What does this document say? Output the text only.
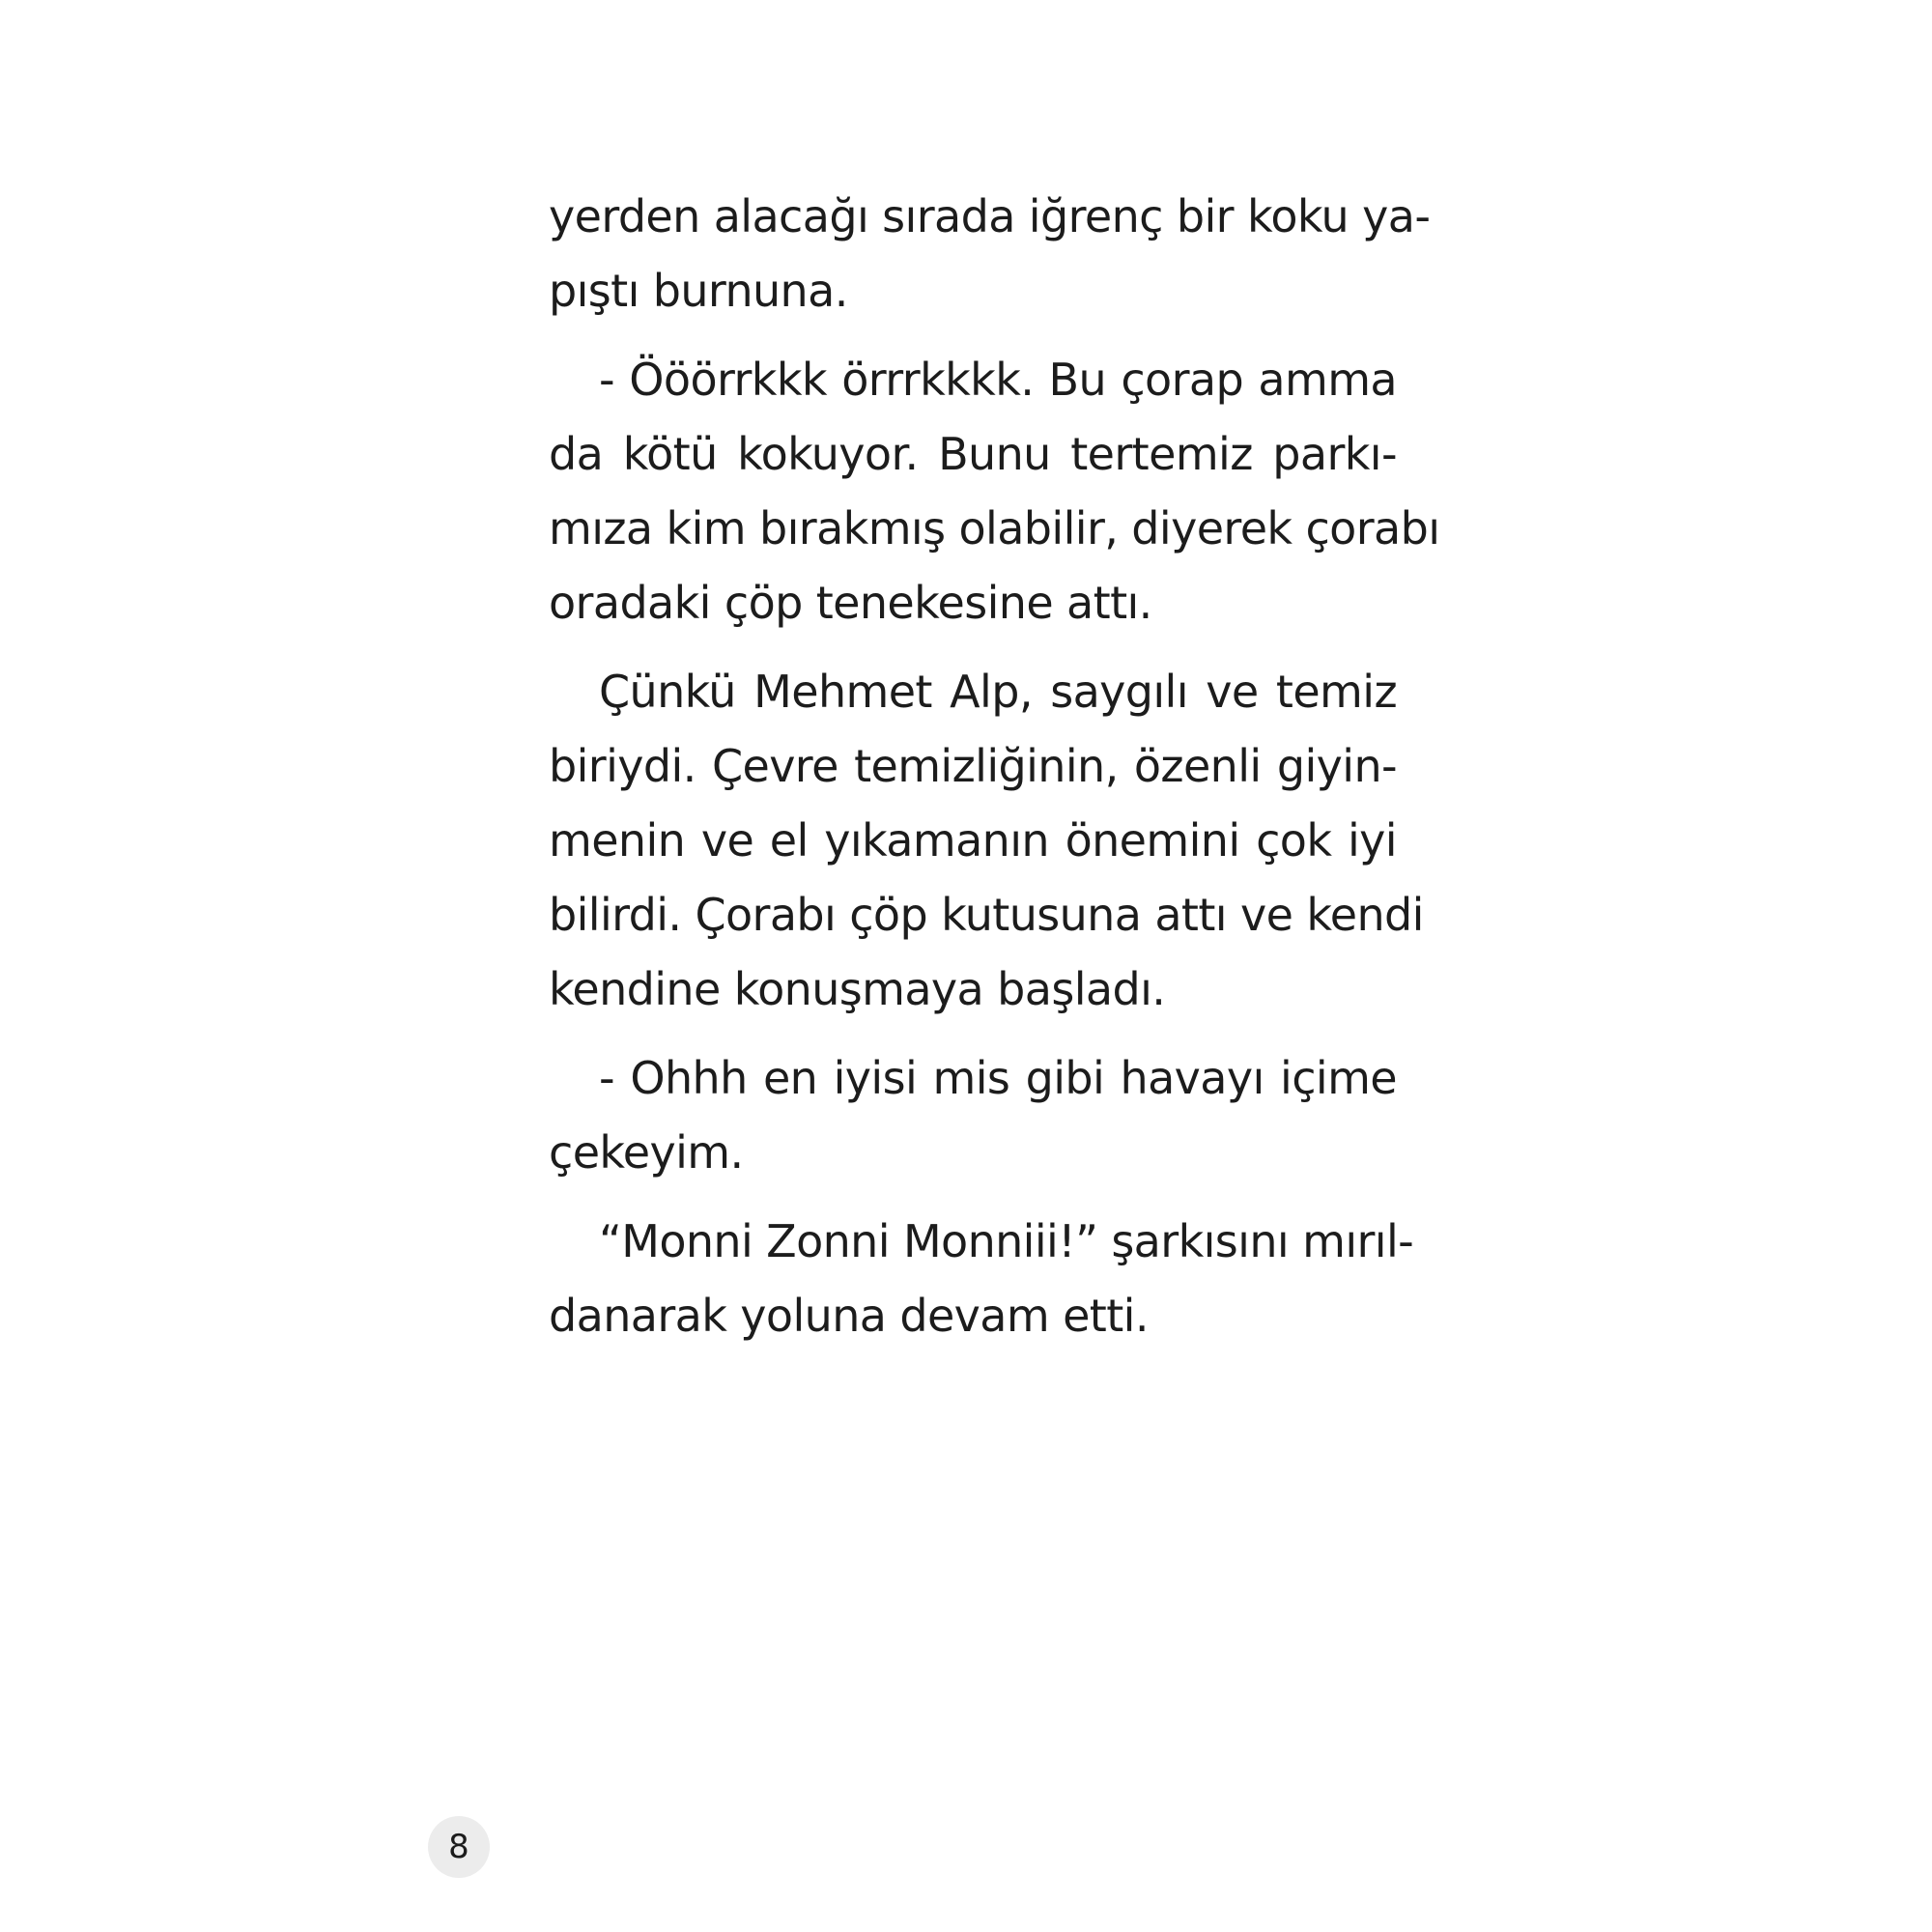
yerden alacağı sırada iğrenç bir koku ya-
pıştı burnuna.

- Ööörrkkk örrrkkkk. Bu çorap amma
da kötü kokuyor. Bunu tertemiz parkı-
mıza kim bırakmış olabilir, diyerek çorabı
oradaki çöp tenekesine attı.

Çünkü Mehmet Alp, saygılı ve temiz
biriydi. Çevre temizliğinin, özenli giyin-
menin ve el yıkamanın önemini çok iyi
bilirdi. Çorabı çöp kutusuna attı ve kendi
kendine konuşmaya başladı.

- Ohhh en iyisi mis gibi havayı içime
çekeyim.

“Monni Zonni Monniii!” şarkısını mırıl-
danarak yoluna devam etti.

8
